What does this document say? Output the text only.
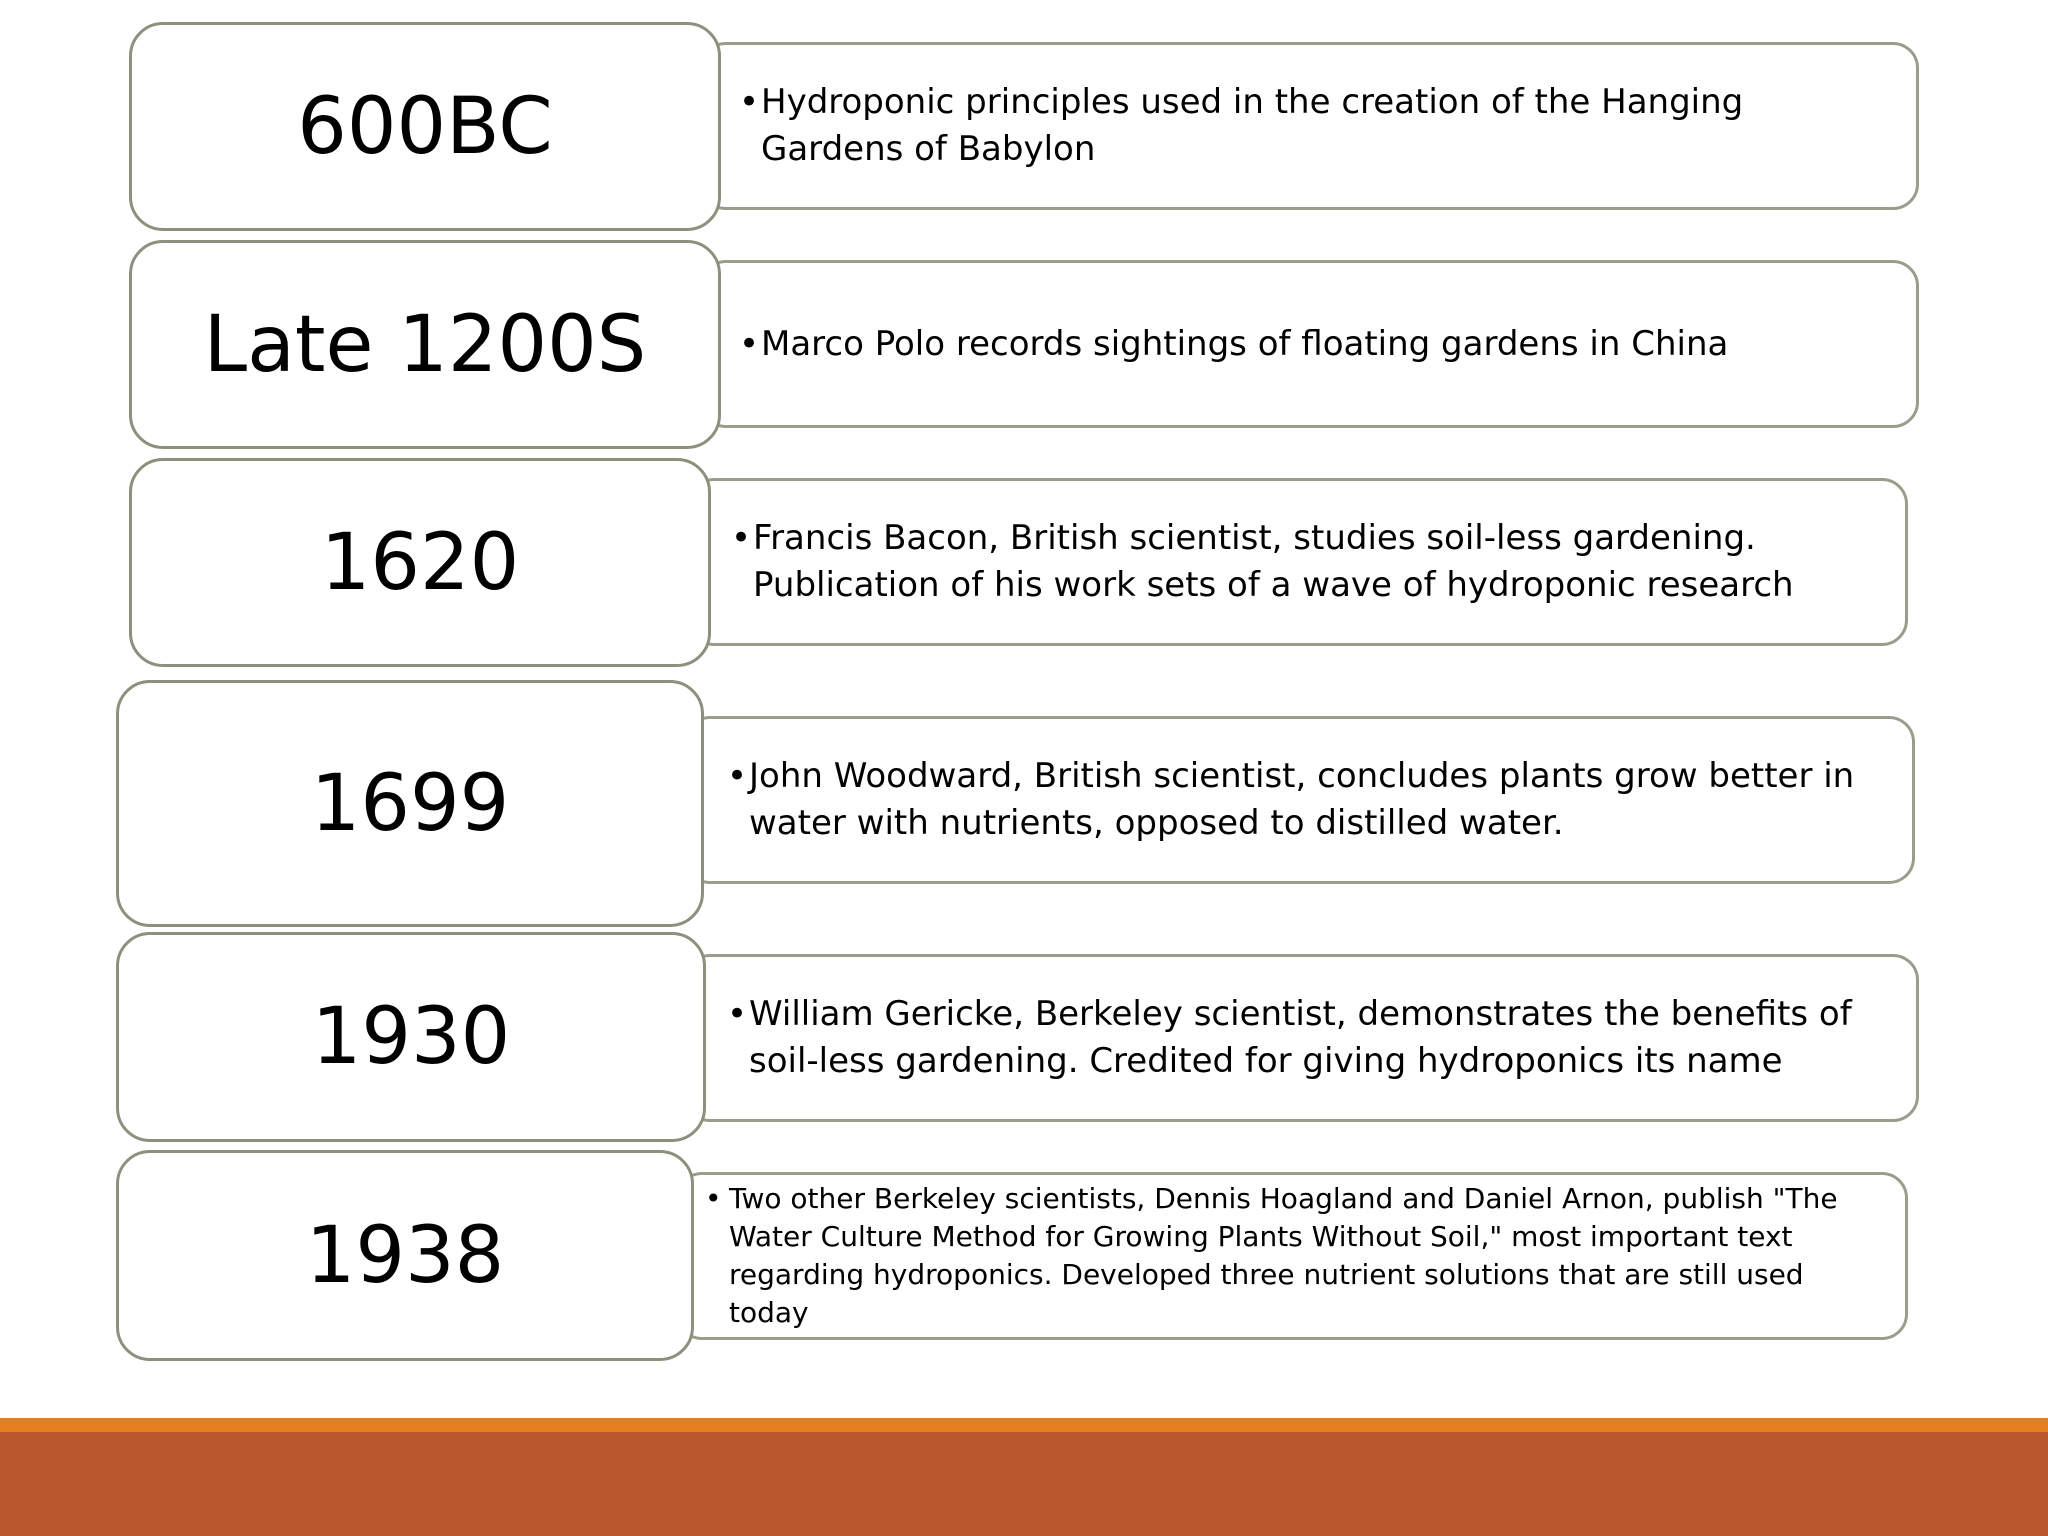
• Hydroponic principles used in the creation of the Hanging Gardens of Babylon
600BC
• Marco Polo records sightings of floating gardens in China
Late 1200S
• Francis Bacon, British scientist, studies soil-less gardening. Publication of his work sets of a wave of hydroponic research
1620
• John Woodward, British scientist, concludes plants grow better in water with nutrients, opposed to distilled water.
1699
• William Gericke, Berkeley scientist, demonstrates the benefits of soil-less gardening. Credited for giving hydroponics its name
1930
• Two other Berkeley scientists, Dennis Hoagland and Daniel Arnon, publish "The Water Culture Method for Growing Plants Without Soil," most important text regarding hydroponics. Developed three nutrient solutions that are still used today
1938
